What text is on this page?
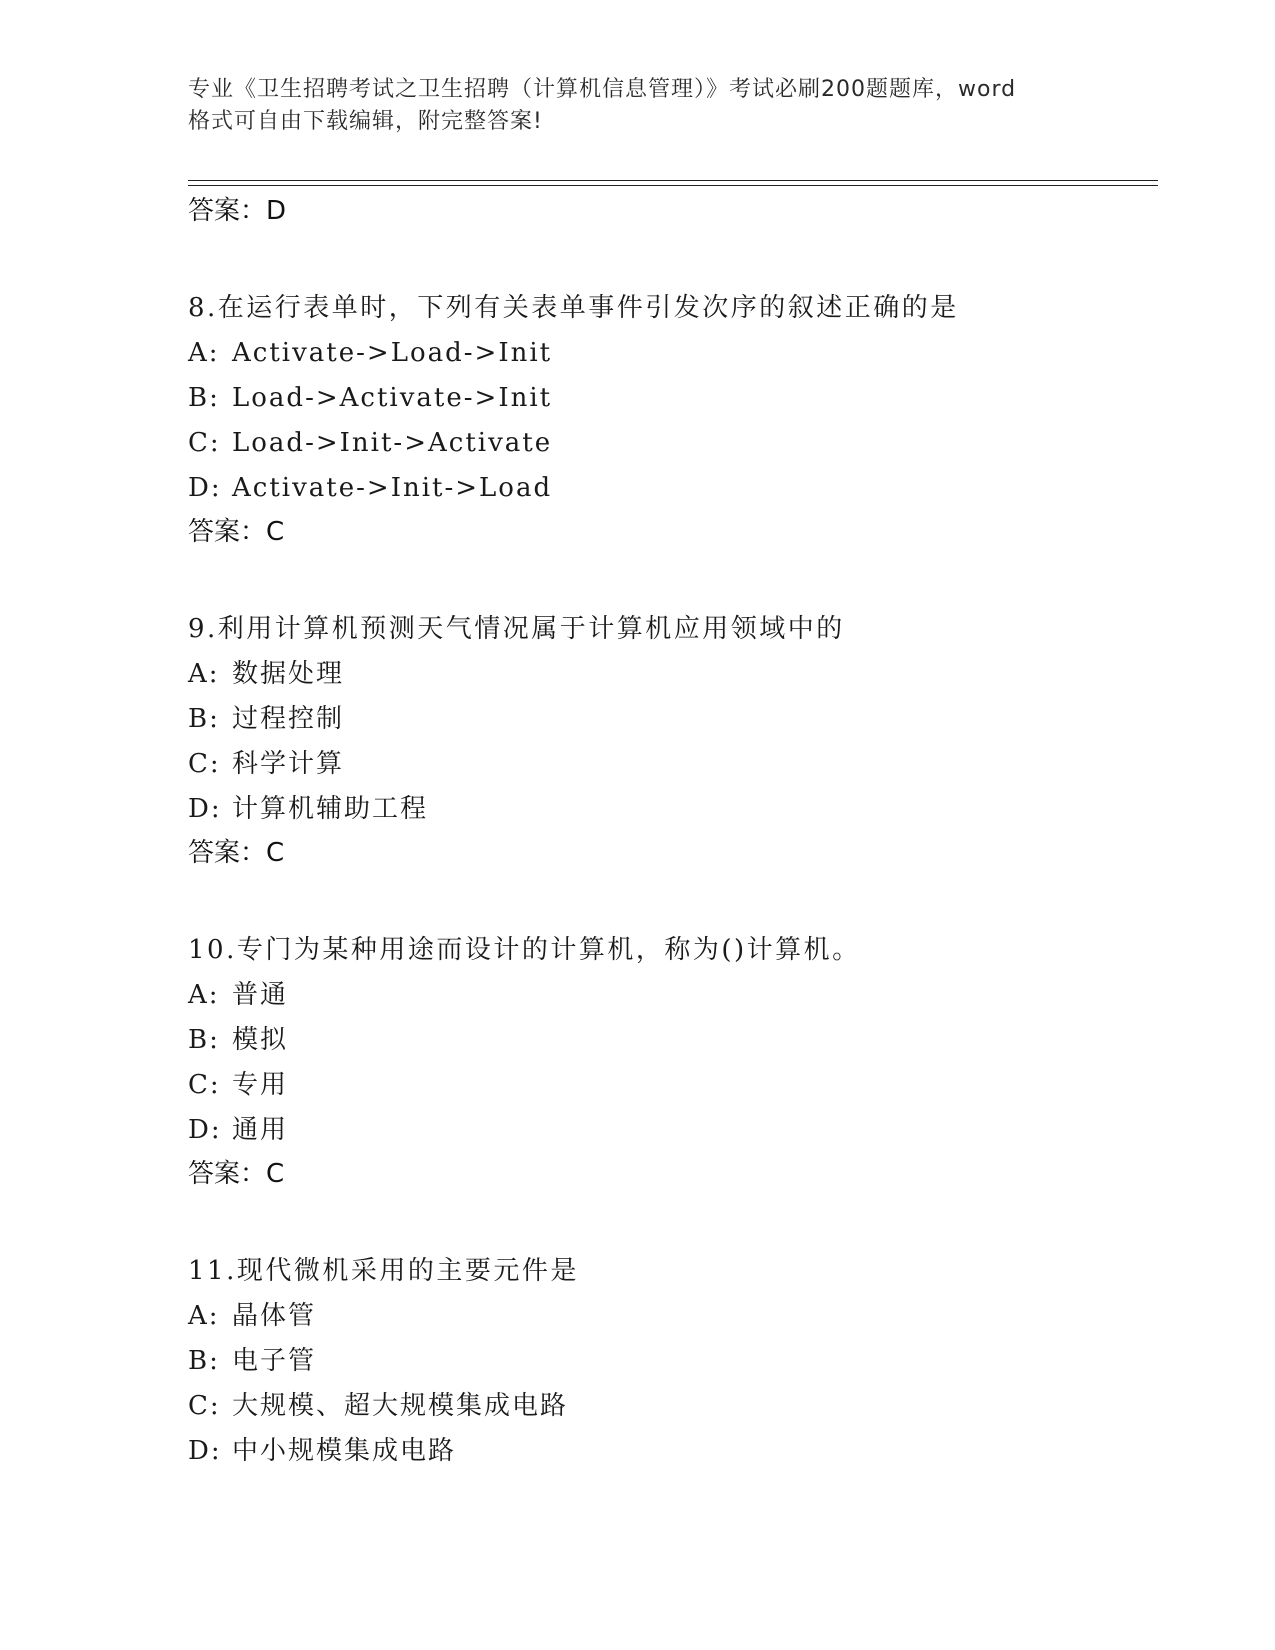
专业《卫生招聘考试之卫生招聘（计算机信息管理）》考试必刷200题题库，word
格式可自由下载编辑，附完整答案!
答案：D
8.在运行表单时，下列有关表单事件引发次序的叙述正确的是
A: Activate->Load->Init
B: Load->Activate->Init
C: Load->Init->Activate
D: Activate->Init->Load
答案：C
9.利用计算机预测天气情况属于计算机应用领域中的
A: 数据处理
B: 过程控制
C: 科学计算
D: 计算机辅助工程
答案：C
10.专门为某种用途而设计的计算机，称为()计算机。
A: 普通
B: 模拟
C: 专用
D: 通用
答案：C
11.现代微机采用的主要元件是
A: 晶体管
B: 电子管
C: 大规模、超大规模集成电路
D: 中小规模集成电路
